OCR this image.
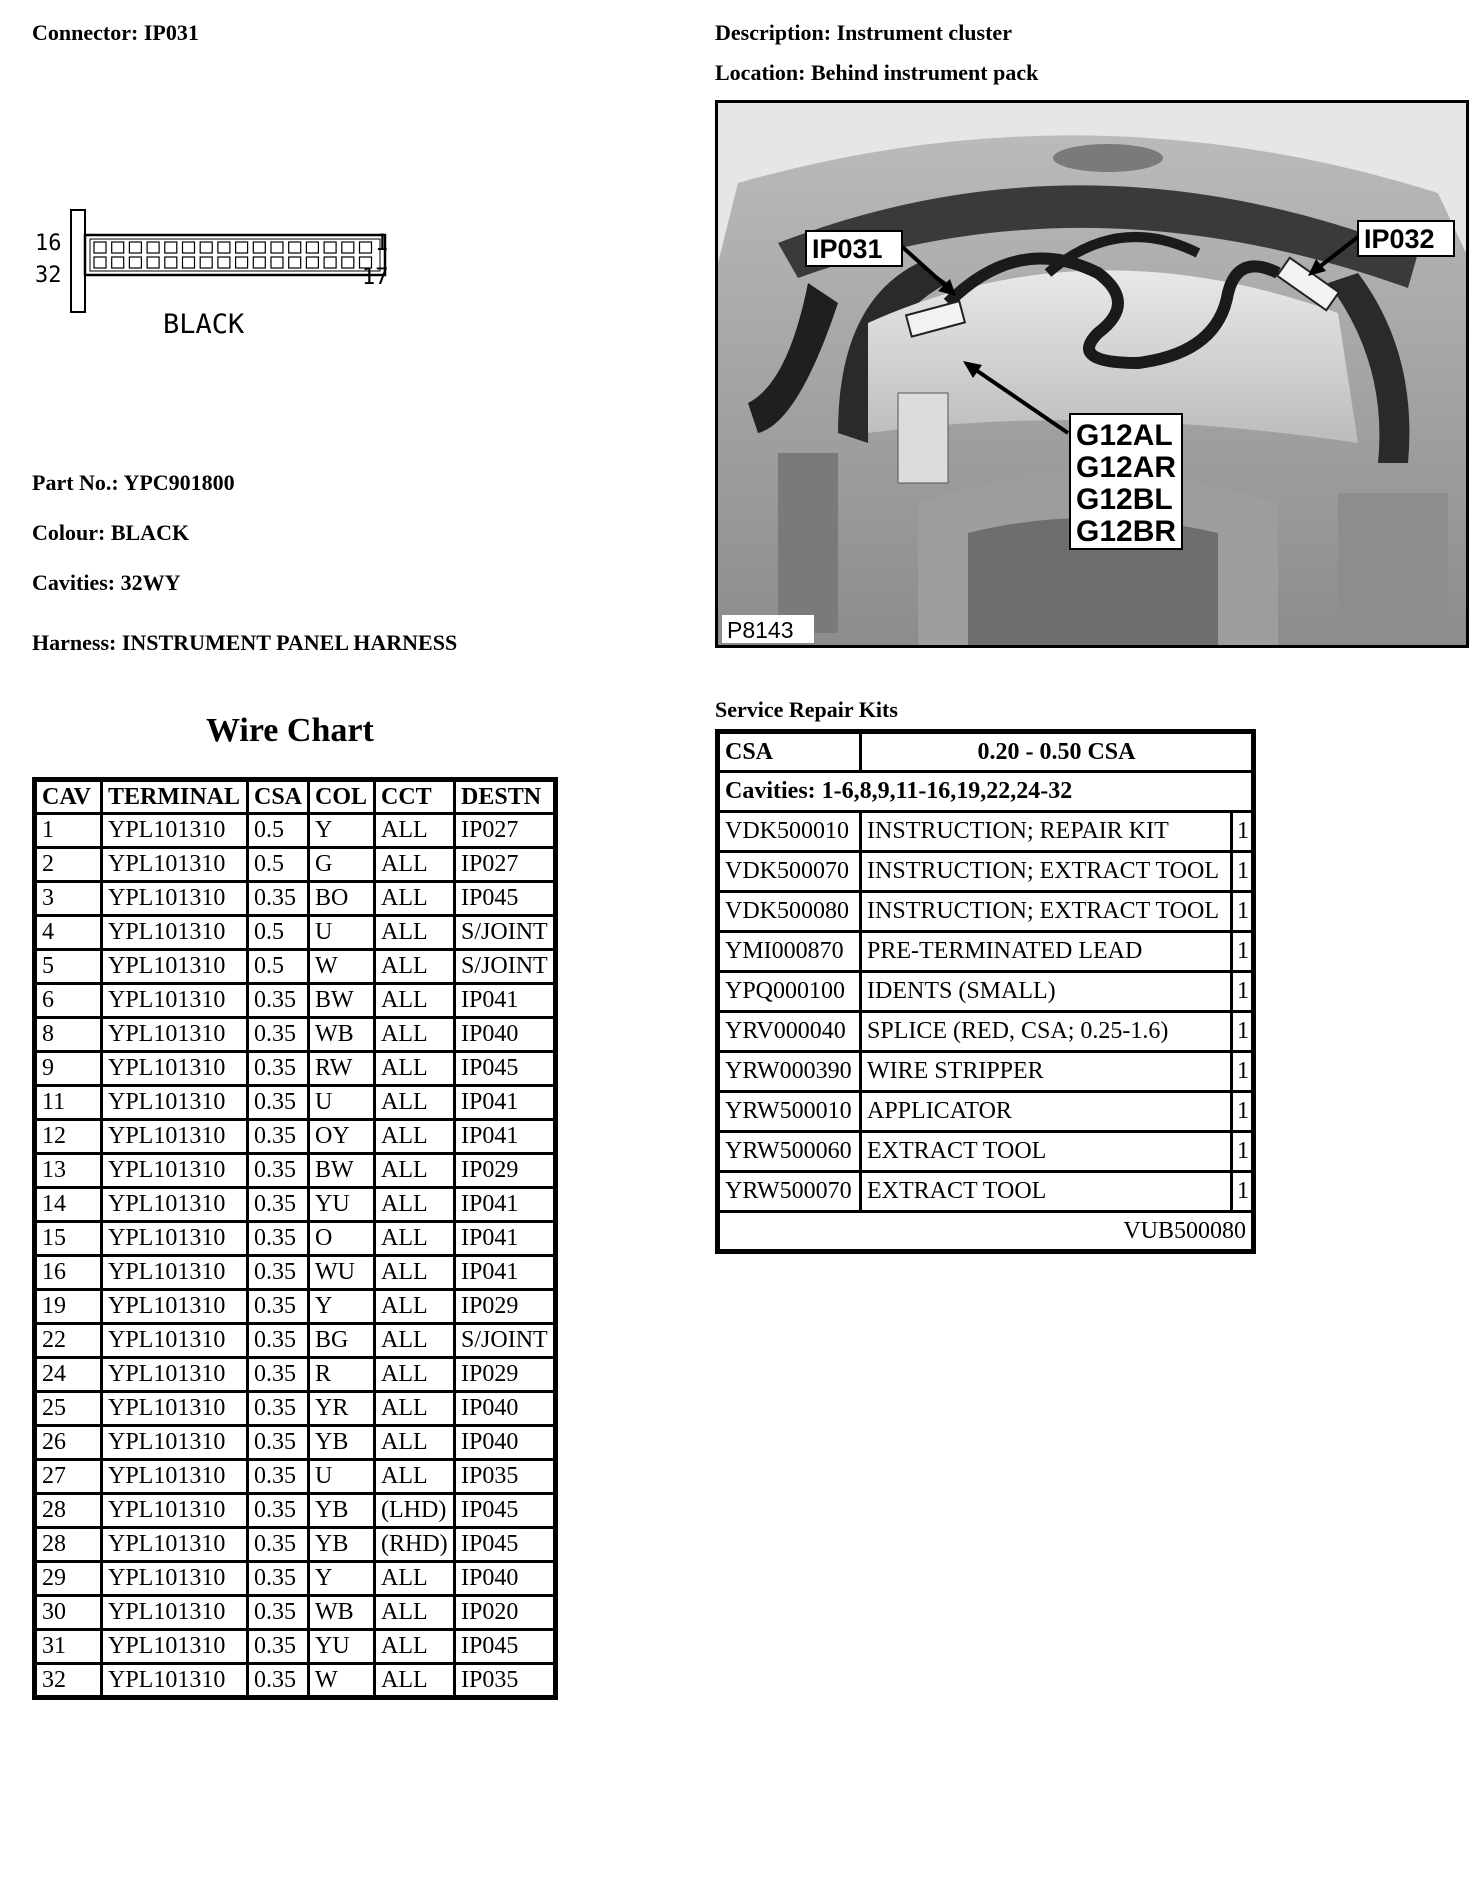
Connector: IP031	Description: Instrument cluster
Location: Behind instrument pack
16
32
1
17
BLACK
Part No.: YPC901800
Colour: BLACK
Cavities: 32WY
Harness: INSTRUMENT PANEL HARNESS
IP031	IP032
G12AL
G12AR
G12BL
G12BR
P8143
Wire Chart
CAV	TERMINAL	CSA	COL	CCT	DESTN
1	YPL101310	0.5	Y	ALL	IP027
2	YPL101310	0.5	G	ALL	IP027
3	YPL101310	0.35	BO	ALL	IP045
4	YPL101310	0.5	U	ALL	S/JOINT
5	YPL101310	0.5	W	ALL	S/JOINT
6	YPL101310	0.35	BW	ALL	IP041
8	YPL101310	0.35	WB	ALL	IP040
9	YPL101310	0.35	RW	ALL	IP045
11	YPL101310	0.35	U	ALL	IP041
12	YPL101310	0.35	OY	ALL	IP041
13	YPL101310	0.35	BW	ALL	IP029
14	YPL101310	0.35	YU	ALL	IP041
15	YPL101310	0.35	O	ALL	IP041
16	YPL101310	0.35	WU	ALL	IP041
19	YPL101310	0.35	Y	ALL	IP029
22	YPL101310	0.35	BG	ALL	S/JOINT
24	YPL101310	0.35	R	ALL	IP029
25	YPL101310	0.35	YR	ALL	IP040
26	YPL101310	0.35	YB	ALL	IP040
27	YPL101310	0.35	U	ALL	IP035
28	YPL101310	0.35	YB	(LHD)	IP045
28	YPL101310	0.35	YB	(RHD)	IP045
29	YPL101310	0.35	Y	ALL	IP040
30	YPL101310	0.35	WB	ALL	IP020
31	YPL101310	0.35	YU	ALL	IP045
32	YPL101310	0.35	W	ALL	IP035
Service Repair Kits
CSA	0.20 - 0.50 CSA	
Cavities: 1-6,8,9,11-16,19,22,24-32		
VDK500010	INSTRUCTION; REPAIR KIT	1
VDK500070	INSTRUCTION; EXTRACT TOOL	1
VDK500080	INSTRUCTION; EXTRACT TOOL	1
YMI000870	PRE-TERMINATED LEAD	1
YPQ000100	IDENTS (SMALL)	1
YRV000040	SPLICE (RED, CSA; 0.25-1.6)	1
YRW000390	WIRE STRIPPER	1
YRW500010	APPLICATOR	1
YRW500060	EXTRACT TOOL	1
YRW500070	EXTRACT TOOL	1
VUB500080		
